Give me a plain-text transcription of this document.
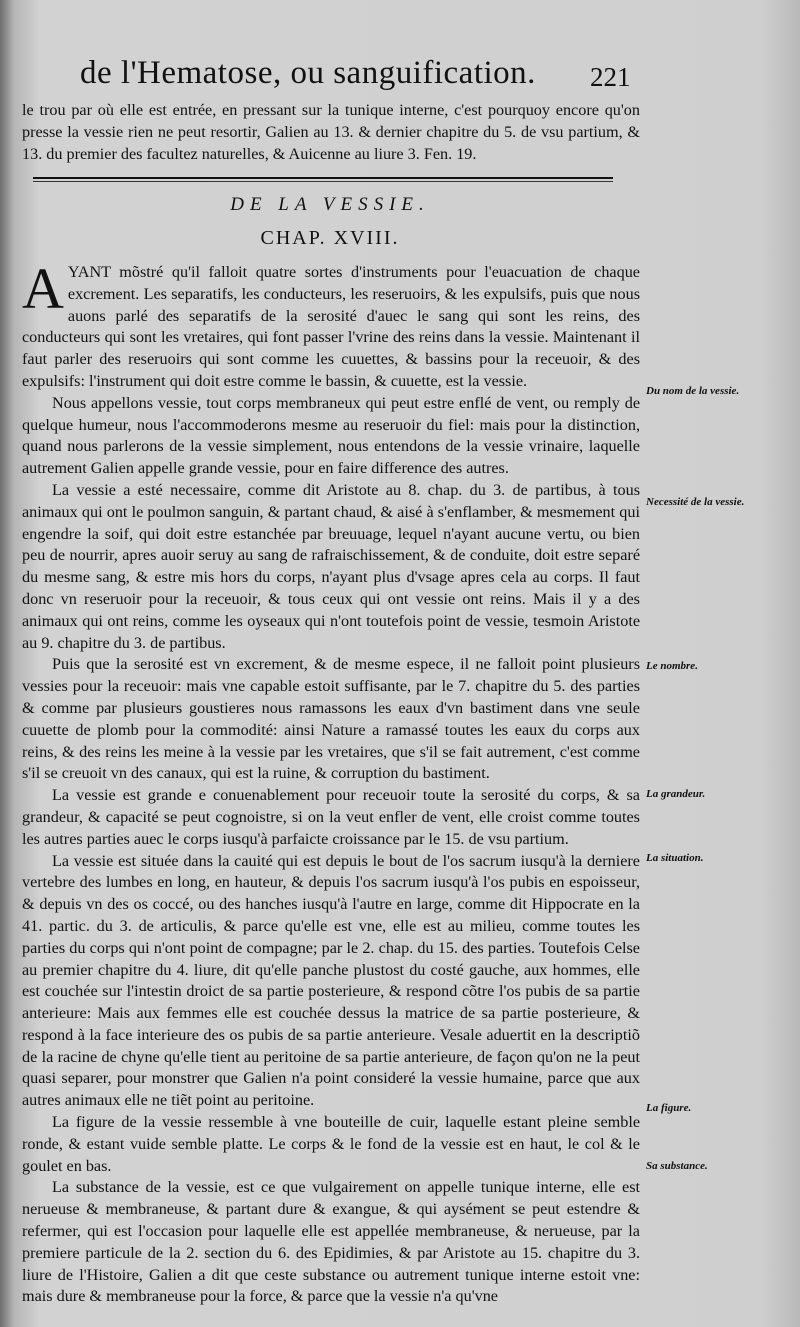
de l'Hematose, ou sanguification.	221

le trou par où elle est entrée, en pressant sur la tunique interne, c'est pourquoy encore qu'on presse la vessie rien ne peut resortir, Galien au 13. & dernier chapitre du 5. de vsu partium, & 13. du premier des facultez naturelles, & Auicenne au liure 3. Fen. 19.

DE LA VESSIE.
CHAP. XVIII.

AYANT mõstré qu'il falloit quatre sortes d'instruments pour l'euacuation de chaque excrement. Les separatifs, les conducteurs, les reseruoirs, & les expulsifs, puis que nous auons parlé des separatifs de la serosité d'auec le sang qui sont les reins, des conducteurs qui sont les vretaires, qui font passer l'vrine des reins dans la vessie. Maintenant il faut parler des reseruoirs qui sont comme les cuuettes, & bassins pour la receuoir, & des expulsifs: l'instrument qui doit estre comme le bassin, & cuuette, est la vessie.

Nous appellons vessie, tout corps membraneux qui peut estre enflé de vent, ou remply de quelque humeur, nous l'accommoderons mesme au reseruoir du fiel: mais pour la distinction, quand nous parlerons de la vessie simplement, nous entendons de la vessie vrinaire, laquelle autrement Galien appelle grande vessie, pour en faire difference des autres.

La vessie a esté necessaire, comme dit Aristote au 8. chap. du 3. de partibus, à tous animaux qui ont le poulmon sanguin, & partant chaud, & aisé à s'enflamber, & mesmement qui engendre la soif, qui doit estre estanchée par breuuage, lequel n'ayant aucune vertu, ou bien peu de nourrir, apres auoir seruy au sang de rafraischissement, & de conduite, doit estre separé du mesme sang, & estre mis hors du corps, n'ayant plus d'vsage apres cela au corps. Il faut donc vn reseruoir pour la receuoir, & tous ceux qui ont vessie ont reins. Mais il y a des animaux qui ont reins, comme les oyseaux qui n'ont toutefois point de vessie, tesmoin Aristote au 9. chapitre du 3. de partibus.

Puis que la serosité est vn excrement, & de mesme espece, il ne falloit point plusieurs vessies pour la receuoir: mais vne capable estoit suffisante, par le 7. chapitre du 5. des parties & comme par plusieurs goustieres nous ramassons les eaux d'vn bastiment dans vne seule cuuette de plomb pour la commodité: ainsi Nature a ramassé toutes les eaux du corps aux reins, & des reins les meine à la vessie par les vretaires, que s'il se fait autrement, c'est comme s'il se creuoit vn des canaux, qui est la ruine, & corruption du bastiment.

La vessie est grande e conuenablement pour receuoir toute la serosité du corps, & sa grandeur, & capacité se peut cognoistre, si on la veut enfler de vent, elle croist comme toutes les autres parties auec le corps iusqu'à parfaicte croissance par le 15. de vsu partium.

La vessie est située dans la cauité qui est depuis le bout de l'os sacrum iusqu'à la derniere vertebre des lumbes en long, en hauteur, & depuis l'os sacrum iusqu'à l'os pubis en espoisseur, & depuis vn des os coccé, ou des hanches iusqu'à l'autre en large, comme dit Hippocrate en la 41. partic. du 3. de articulis, & parce qu'elle est vne, elle est au milieu, comme toutes les parties du corps qui n'ont point de compagne; par le 2. chap. du 15. des parties. Toutefois Celse au premier chapitre du 4. liure, dit qu'elle panche plustost du costé gauche, aux hommes, elle est couchée sur l'intestin droict de sa partie posterieure, & respond cõtre l'os pubis de sa partie anterieure: Mais aux femmes elle est couchée dessus la matrice de sa partie posterieure, & respond à la face interieure des os pubis de sa partie anterieure. Vesale aduertit en la descriptiõ de la racine de chyne qu'elle tient au peritoine de sa partie anterieure, de façon qu'on ne la peut quasi separer, pour monstrer que Galien n'a point consideré la vessie humaine, parce que aux autres animaux elle ne tiẽt point au peritoine.

La figure de la vessie ressemble à vne bouteille de cuir, laquelle estant pleine semble ronde, & estant vuide semble platte. Le corps & le fond de la vessie est en haut, le col & le goulet en bas.

La substance de la vessie, est ce que vulgairement on appelle tunique interne, elle est nerueuse & membraneuse, & partant dure & exangue, & qui aysément se peut estendre & refermer, qui est l'occasion pour laquelle elle est appellée membraneuse, & nerueuse, par la premiere particule de la 2. section du 6. des Epidimies, & par Aristote au 15. chapitre du 3. liure de l'Histoire, Galien a dit que ceste substance ou autrement tunique interne estoit vne: mais dure & membraneuse pour la force, & parce que la vessie n'a qu'vne

Du nom de la vessie.
Necessité de la vessie.
Le nombre.
La grandeur.
La situation.
La figure.
Sa substance.
